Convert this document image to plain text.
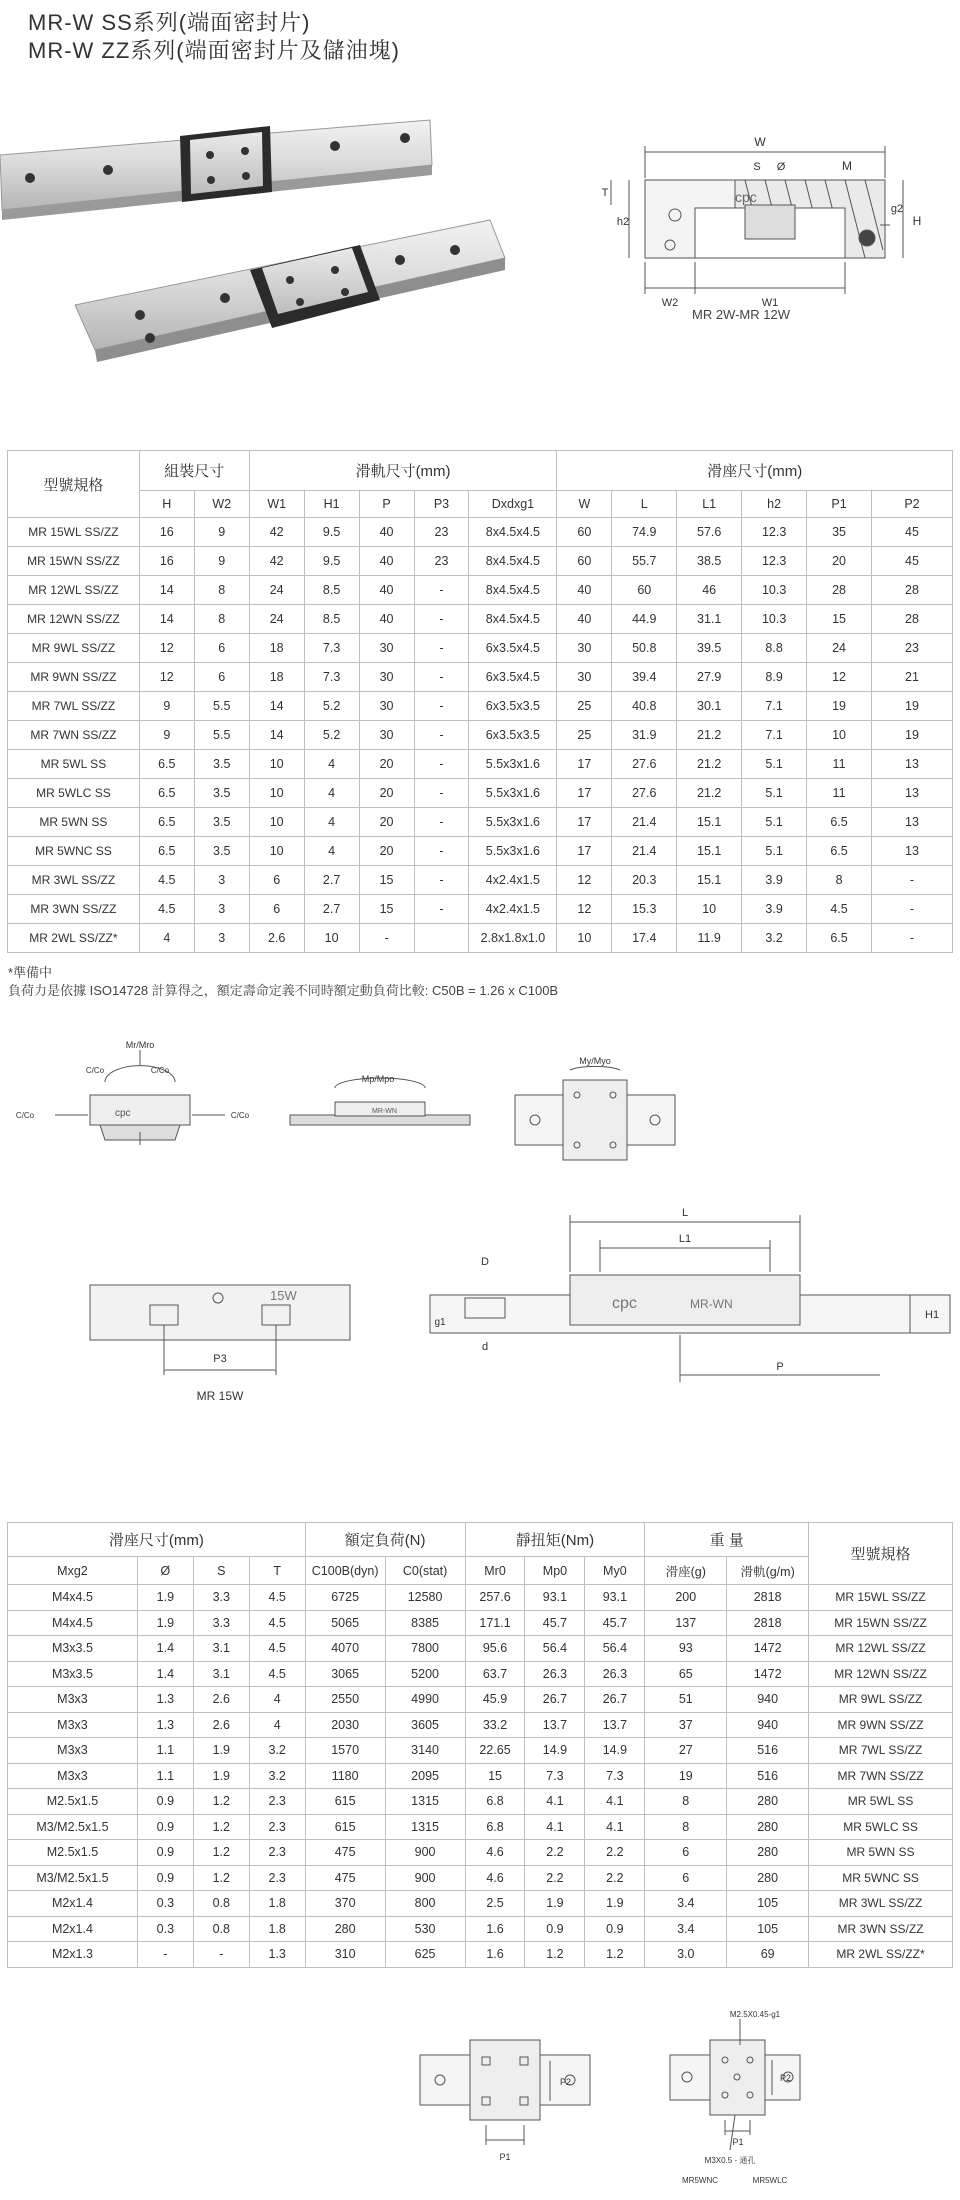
MR-W SS系列(端面密封片)
MR-W ZZ系列(端面密封片及儲油塊)
W
M
S Ø
T
h2
g2
H
W2	W1
cpc
MR 2W-MR 12W
型號規格	組裝尺寸		滑軌尺寸(mm)					滑座尺寸(mm)					
	H	W2	W1	H1	P	P3	Dxdxg1	W	L	L1	h2	P1	P2
MR 15WL SS/ZZ	16	9	42	9.5	40	23	8x4.5x4.5	60	74.9	57.6	12.3	35	45
MR 15WN SS/ZZ	16	9	42	9.5	40	23	8x4.5x4.5	60	55.7	38.5	12.3	20	45
MR 12WL SS/ZZ	14	8	24	8.5	40	-	8x4.5x4.5	40	60	46	10.3	28	28
MR 12WN SS/ZZ	14	8	24	8.5	40	-	8x4.5x4.5	40	44.9	31.1	10.3	15	28
MR 9WL SS/ZZ	12	6	18	7.3	30	-	6x3.5x4.5	30	50.8	39.5	8.8	24	23
MR 9WN SS/ZZ	12	6	18	7.3	30	-	6x3.5x4.5	30	39.4	27.9	8.9	12	21
MR 7WL SS/ZZ	9	5.5	14	5.2	30	-	6x3.5x3.5	25	40.8	30.1	7.1	19	19
MR 7WN SS/ZZ	9	5.5	14	5.2	30	-	6x3.5x3.5	25	31.9	21.2	7.1	10	19
MR 5WL SS	6.5	3.5	10	4	20	-	5.5x3x1.6	17	27.6	21.2	5.1	11	13
MR 5WLC SS	6.5	3.5	10	4	20	-	5.5x3x1.6	17	27.6	21.2	5.1	11	13
MR 5WN SS	6.5	3.5	10	4	20	-	5.5x3x1.6	17	21.4	15.1	5.1	6.5	13
MR 5WNC SS	6.5	3.5	10	4	20	-	5.5x3x1.6	17	21.4	15.1	5.1	6.5	13
MR 3WL SS/ZZ	4.5	3	6	2.7	15	-	4x2.4x1.5	12	20.3	15.1	3.9	8	-
MR 3WN SS/ZZ	4.5	3	6	2.7	15	-	4x2.4x1.5	12	15.3	10	3.9	4.5	-
MR 2WL SS/ZZ*	4	3	2.6	10	-		2.8x1.8x1.0	10	17.4	11.9	3.2	6.5	-
*準備中
負荷力是依據 ISO14728 計算得之，額定壽命定義不同時額定動負荷比較: C50B = 1.26 x C100B
Mr/Mro
C/Co	C/Co
C/Co	C/Co
Mp/Mpo
My/Myo
cpc	MR-WN
L
L1
D
g1
d
H1
P
P3
15W
MR 15W
cpc	MR-WN
滑座尺寸(mm)				額定負荷(N)		靜扭矩(Nm)			重 量		型號規格
Mxg2	Ø	S	T	C100B(dyn)	C0(stat)	Mr0	Mp0	My0	滑座(g)	滑軌(g/m)	
M4x4.5	1.9	3.3	4.5	6725	12580	257.6	93.1	93.1	200	2818	MR 15WL SS/ZZ
M4x4.5	1.9	3.3	4.5	5065	8385	171.1	45.7	45.7	137	2818	MR 15WN SS/ZZ
M3x3.5	1.4	3.1	4.5	4070	7800	95.6	56.4	56.4	93	1472	MR 12WL SS/ZZ
M3x3.5	1.4	3.1	4.5	3065	5200	63.7	26.3	26.3	65	1472	MR 12WN SS/ZZ
M3x3	1.3	2.6	4	2550	4990	45.9	26.7	26.7	51	940	MR 9WL SS/ZZ
M3x3	1.3	2.6	4	2030	3605	33.2	13.7	13.7	37	940	MR 9WN SS/ZZ
M3x3	1.1	1.9	3.2	1570	3140	22.65	14.9	14.9	27	516	MR 7WL SS/ZZ
M3x3	1.1	1.9	3.2	1180	2095	15	7.3	7.3	19	516	MR 7WN SS/ZZ
M2.5x1.5	0.9	1.2	2.3	615	1315	6.8	4.1	4.1	8	280	MR 5WL SS
M3/M2.5x1.5	0.9	1.2	2.3	615	1315	6.8	4.1	4.1	8	280	MR 5WLC SS
M2.5x1.5	0.9	1.2	2.3	475	900	4.6	2.2	2.2	6	280	MR 5WN SS
M3/M2.5x1.5	0.9	1.2	2.3	475	900	4.6	2.2	2.2	6	280	MR 5WNC SS
M2x1.4	0.3	0.8	1.8	370	800	2.5	1.9	1.9	3.4	105	MR 3WL SS/ZZ
M2x1.4	0.3	0.8	1.8	280	530	1.6	0.9	0.9	3.4	105	MR 3WN SS/ZZ
M2x1.3	-	-	1.3	310	625	1.6	1.2	1.2	3.0	69	MR 2WL SS/ZZ*
P2
P1
M2.5X0.45-g1
P2
P1
M3X0.5 - 通孔
MR5WNC	MR5WLC
